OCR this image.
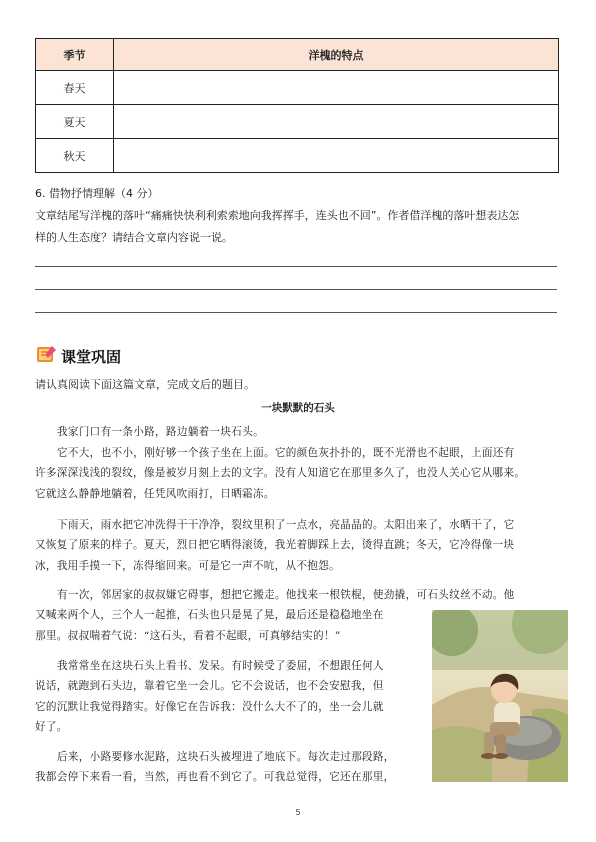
季节	洋槐的特点
春天	
夏天	
秋天	
6. 借物抒情理解（4 分）
文章结尾写洋槐的落叶“痛痛快快利利索索地向我挥挥手，连头也不回”。作者借洋槐的落叶想表达怎
样的人生态度？请结合文章内容说一说。
课堂巩固
请认真阅读下面这篇文章，完成文后的题目。
一块默默的石头
我家门口有一条小路，路边躺着一块石头。
它不大，也不小，刚好够一个孩子坐在上面。它的颜色灰扑扑的，既不光滑也不起眼，上面还有
许多深深浅浅的裂纹，像是被岁月刻上去的文字。没有人知道它在那里多久了，也没人关心它从哪来。
它就这么静静地躺着，任凭风吹雨打，日晒霜冻。
下雨天，雨水把它冲洗得干干净净，裂纹里积了一点水，亮晶晶的。太阳出来了，水晒干了，它
又恢复了原来的样子。夏天，烈日把它晒得滚烫，我光着脚踩上去，烫得直跳；冬天，它冷得像一块
冰，我用手摸一下，冻得缩回来。可是它一声不吭，从不抱怨。
有一次，邻居家的叔叔嫌它碍事，想把它搬走。他找来一根铁棍，使劲撬，可石头纹丝不动。他
又喊来两个人，三个人一起推，石头也只是晃了晃，最后还是稳稳地坐在
那里。叔叔喘着气说：“这石头，看着不起眼，可真够结实的！”
我常常坐在这块石头上看书、发呆。有时候受了委屈，不想跟任何人
说话，就跑到石头边，靠着它坐一会儿。它不会说话，也不会安慰我，但
它的沉默让我觉得踏实。好像它在告诉我：没什么大不了的，坐一会儿就
好了。
后来，小路要修水泥路，这块石头被埋进了地底下。每次走过那段路，
我都会停下来看一看，当然，再也看不到它了。可我总觉得，它还在那里，
5
